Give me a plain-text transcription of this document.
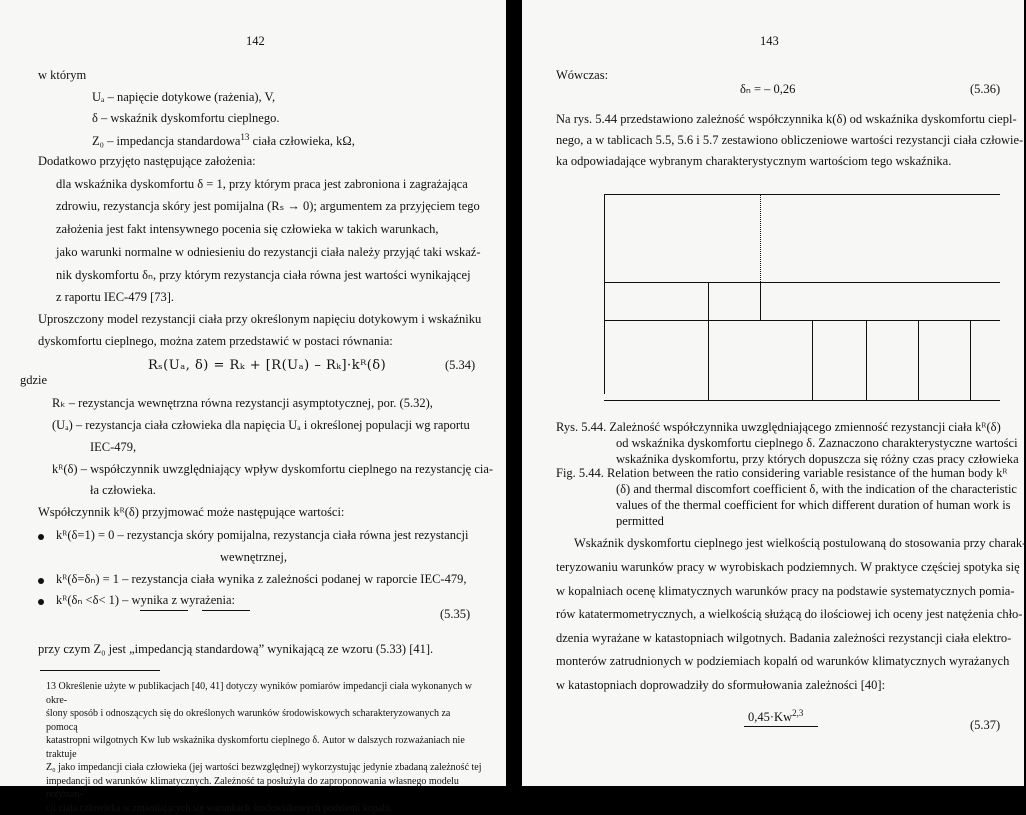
142
w którym
Uₐ – napięcie dotykowe (rażenia), V,
δ – wskaźnik dyskomfortu cieplnego.
Z₀ – impedancja standardowa$^{13}$ ciała człowieka, kΩ,
Dodatkowo przyjęto następujące założenia:
dla wskaźnika dyskomfortu δ = 1, przy którym praca jest zabroniona i zagrażająca
zdrowiu, rezystancja skóry jest pomijalna (Rₛ → 0); argumentem za przyjęciem tego
założenia jest fakt intensywnego pocenia się człowieka w takich warunkach,
jako warunki normalne w odniesieniu do rezystancji ciała należy przyjąć taki wskaź-
nik dyskomfortu δₙ, przy którym rezystancja ciała równa jest wartości wynikającej
z raportu IEC-479 [73].
Uproszczony model rezystancji ciała przy określonym napięciu dotykowym i wskaźniku
dyskomfortu cieplnego, można zatem przedstawić w postaci równania:
Rₛ(Uₐ, δ) = Rₖ + [R(Uₐ) – Rₖ]·kᴿ(δ)	(5.34)
gdzie
Rₖ – rezystancja wewnętrzna równa rezystancji asymptotycznej, por. (5.32),
(Uₐ) – rezystancja ciała człowieka dla napięcia Uₐ i określonej populacji wg raportu
IEC-479,
kᴿ(δ) – współczynnik uwzględniający wpływ dyskomfortu cieplnego na rezystancję cia-
ła człowieka.
Współczynnik kᴿ(δ) przyjmować może następujące wartości:
kᴿ(δ=1) = 0 – rezystancja skóry pomijalna, rezystancja ciała równa jest rezystancji
wewnętrznej,
kᴿ(δ=δₙ) = 1 – rezystancja ciała wynika z zależności podanej w raporcie IEC-479,
kᴿ(δₙ <δ< 1) – wynika z wyrażenia:
(5.35)
przy czym Z₀ jest „impedancją standardową” wynikającą ze wzoru (5.33) [41].
13 Określenie użyte w publikacjach [40, 41] dotyczy wyników pomiarów impedancji ciała wykonanych w okre-
ślony sposób i odnoszących się do określonych warunków środowiskowych scharakteryzowanych za pomocą
katastropni wilgotnych Kw lub wskaźnika dyskomfortu cieplnego δ. Autor w dalszych rozważaniach nie traktuje
Z₀ jako impedancji ciała człowieka (jej wartości bezwzględnej) wykorzystując jedynie zbadaną zależność tej
impedancji od warunków klimatycznych. Zależność ta posłużyła do zaproponowania własnego modelu rezystan-
cji ciała człowieka w zmieniających się warunkach środowiskowych podziemi kopalń.
143
Wówczas:
δₙ = – 0,26	(5.36)
Na rys. 5.44 przedstawiono zależność współczynnika k(δ) od wskaźnika dyskomfortu ciepl-
nego, a w tablicach 5.5, 5.6 i 5.7 zestawiono obliczeniowe wartości rezystancji ciała człowie-
ka odpowiadające wybranym charakterystycznym wartościom tego wskaźnika.
Rys. 5.44. Zależność współczynnika uwzględniającego zmienność rezystancji ciała kᴿ(δ)
od wskaźnika dyskomfortu cieplnego δ. Zaznaczono charakterystyczne wartości
wskaźnika dyskomfortu, przy których dopuszcza się różny czas pracy człowieka
Fig. 5.44. Relation between the ratio considering variable resistance of the human body kᴿ
(δ) and thermal discomfort coefficient δ, with the indication of the characteristic
values of the thermal coefficient for which different duration of human work is
permitted
Wskaźnik dyskomfortu cieplnego jest wielkością postulowaną do stosowania przy charak-
teryzowaniu warunków pracy w wyrobiskach podziemnych. W praktyce częściej spotyka się
w kopalniach ocenę klimatycznych warunków pracy na podstawie systematycznych pomia-
rów katatermometrycznych, a wielkością służącą do ilościowej ich oceny jest natężenia chło-
dzenia wyrażane w katastopniach wilgotnych. Badania zależności rezystancji ciała elektro-
monterów zatrudnionych w podziemiach kopalń od warunków klimatycznych wyrażanych
w katastopniach doprowadziły do sformułowania zależności [40]:
0,45·Kw$^{2,3}$
(5.37)
